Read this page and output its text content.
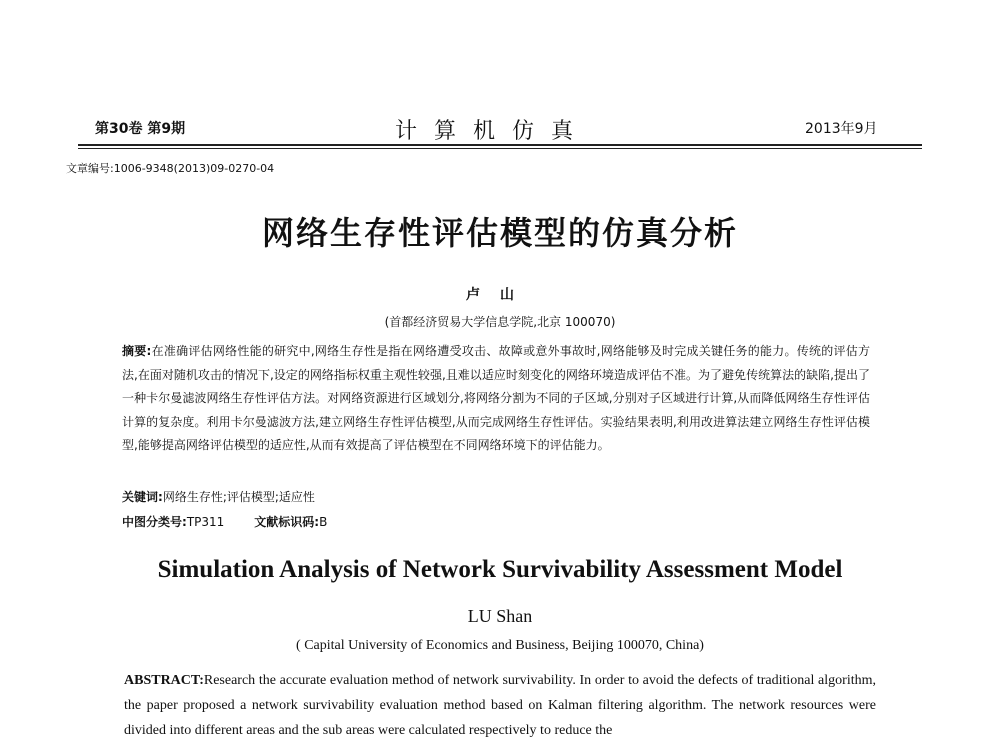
第30卷 第9期	计算机仿真	2013年9月
文章编号:1006-9348(2013)09-0270-04
网络生存性评估模型的仿真分析
卢山
(首都经济贸易大学信息学院,北京 100070)
摘要:在准确评估网络性能的研究中,网络生存性是指在网络遭受攻击、故障或意外事故时,网络能够及时完成关键任务的能力。传统的评估方法,在面对随机攻击的情况下,设定的网络指标权重主观性较强,且难以适应时刻变化的网络环境造成评估不准。为了避免传统算法的缺陷,提出了一种卡尔曼滤波网络生存性评估方法。对网络资源进行区域划分,将网络分割为不同的子区域,分别对子区域进行计算,从而降低网络生存性评估计算的复杂度。利用卡尔曼滤波方法,建立网络生存性评估模型,从而完成网络生存性评估。实验结果表明,利用改进算法建立网络生存性评估模型,能够提高网络评估模型的适应性,从而有效提高了评估模型在不同网络环境下的评估能力。
关键词:网络生存性;评估模型;适应性
中图分类号:TP311	文献标识码:B
Simulation Analysis of Network Survivability Assessment Model
LU Shan
( Capital University of Economics and Business, Beijing 100070, China)
ABSTRACT:Research the accurate evaluation method of network survivability. In order to avoid the defects of traditional algorithm, the paper proposed a network survivability evaluation method based on Kalman filtering algorithm. The network resources were divided into different areas and the sub areas were calculated respectively to reduce the
